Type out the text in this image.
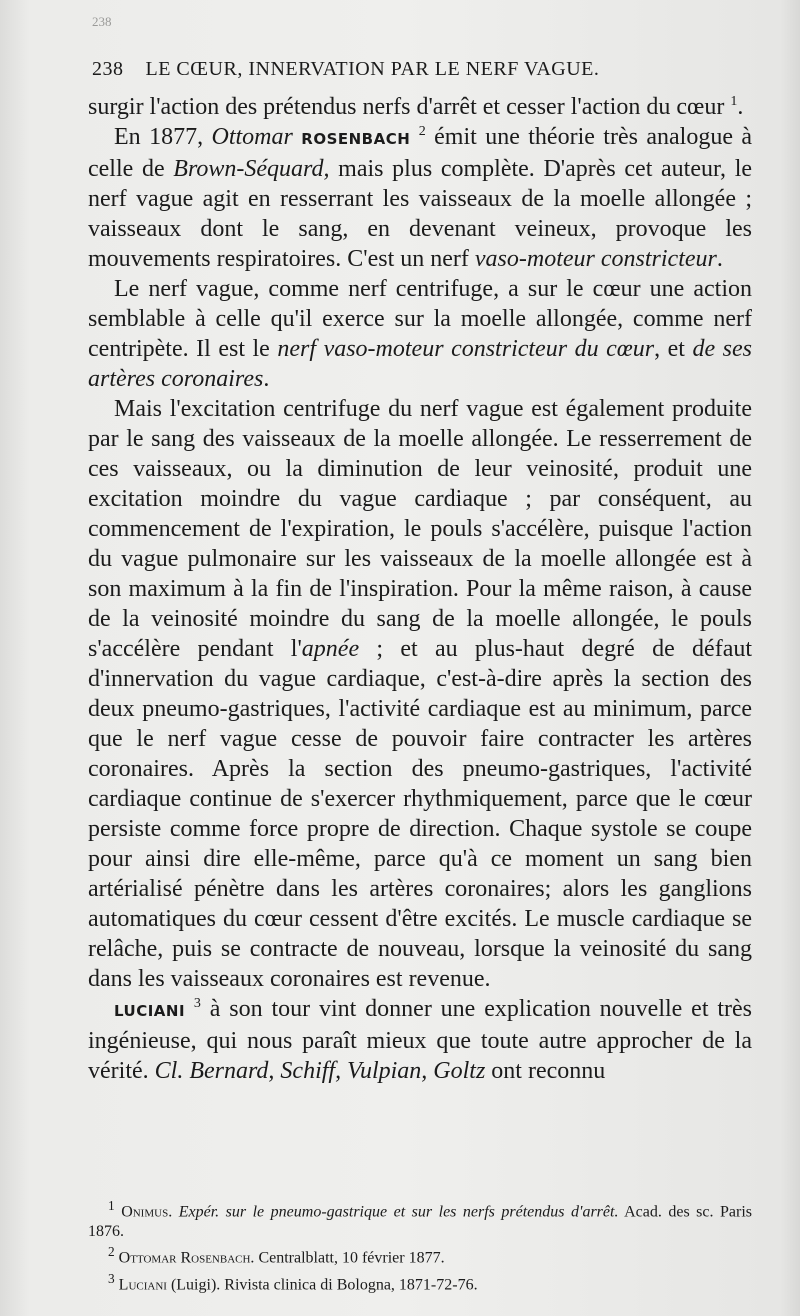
238
238 LE CŒUR, INNERVATION PAR LE NERF VAGUE.

surgir l'action des prétendus nerfs d'arrêt et cesser l'action du cœur $^1$.

En 1877, Ottomar ROSENBACH $^2$ émit une théorie très analogue à celle de Brown-Séquard, mais plus complète. D'après cet auteur, le nerf vague agit en resserrant les vaisseaux de la moelle allongée ; vaisseaux dont le sang, en devenant veineux, provoque les mouvements respiratoires. C'est un nerf vaso-moteur constricteur.

Le nerf vague, comme nerf centrifuge, a sur le cœur une action semblable à celle qu'il exerce sur la moelle allongée, comme nerf centripète. Il est le nerf vaso-moteur constricteur du cœur, et de ses artères coronaires.

Mais l'excitation centrifuge du nerf vague est également produite par le sang des vaisseaux de la moelle allongée. Le resserrement de ces vaisseaux, ou la diminution de leur veinosité, produit une excitation moindre du vague cardiaque ; par conséquent, au commencement de l'expiration, le pouls s'accélère, puisque l'action du vague pulmonaire sur les vaisseaux de la moelle allongée est à son maximum à la fin de l'inspiration. Pour la même raison, à cause de la veinosité moindre du sang de la moelle allongée, le pouls s'accélère pendant l'apnée ; et au plus-haut degré de défaut d'innervation du vague cardiaque, c'est-à-dire après la section des deux pneumo-gastriques, l'activité cardiaque est au minimum, parce que le nerf vague cesse de pouvoir faire contracter les artères coronaires. Après la section des pneumo-gastriques, l'activité cardiaque continue de s'exercer rhythmiquement, parce que le cœur persiste comme force propre de direction. Chaque systole se coupe pour ainsi dire elle-même, parce qu'à ce moment un sang bien artérialisé pénètre dans les artères coronaires; alors les ganglions automatiques du cœur cessent d'être excités. Le muscle cardiaque se relâche, puis se contracte de nouveau, lorsque la veinosité du sang dans les vaisseaux coronaires est revenue.

LUCIANI $^3$ à son tour vint donner une explication nouvelle et très ingénieuse, qui nous paraît mieux que toute autre approcher de la vérité. Cl. Bernard, Schiff, Vulpian, Goltz ont reconnu

$^1$ Onimus. Expér. sur le pneumo-gastrique et sur les nerfs prétendus d'arrêt. Acad. des sc. Paris 1876.

$^2$ Ottomar Rosenbach. Centralblatt, 10 février 1877.

$^3$ Luciani (Luigi). Rivista clinica di Bologna, 1871-72-76.
